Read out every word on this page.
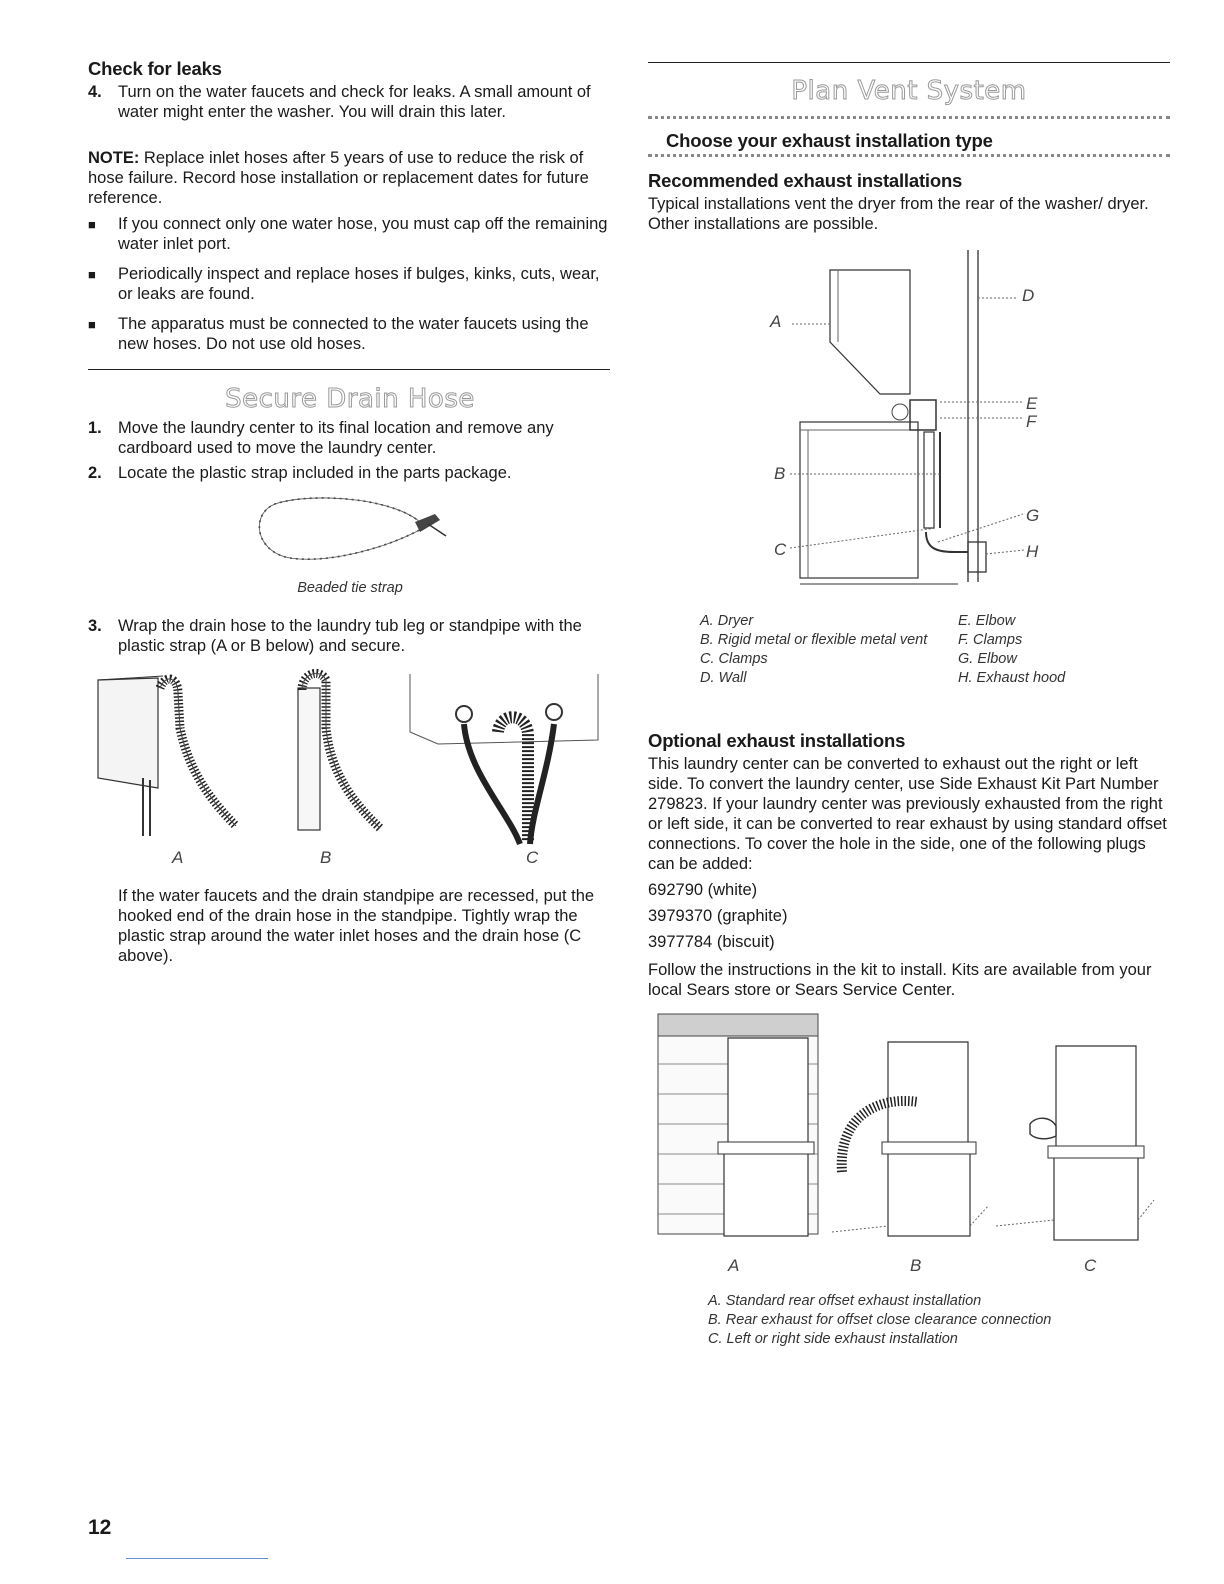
Check for leaks
4. Turn on the water faucets and check for leaks. A small amount of water might enter the washer. You will drain this later.

NOTE: Replace inlet hoses after 5 years of use to reduce the risk of hose failure. Record hose installation or replacement dates for future reference.

■	If you connect only one water hose, you must cap off the remaining water inlet port.
■	Periodically inspect and replace hoses if bulges, kinks, cuts, wear, or leaks are found.
■	The apparatus must be connected to the water faucets using the new hoses. Do not use old hoses.
Secure Drain Hose
1. Move the laundry center to its final location and remove any cardboard used to move the laundry center.
2. Locate the plastic strap included in the parts package.
Beaded tie strap
3. Wrap the drain hose to the laundry tub leg or standpipe with the plastic strap (A or B below) and secure.
A	B	C

If the water faucets and the drain standpipe are recessed, put the hooked end of the drain hose in the standpipe. Tightly wrap the plastic strap around the water inlet hoses and the drain hose (C above).

12
Plan Vent System
Choose your exhaust installation type
Recommended exhaust installations

Typical installations vent the dryer from the rear of the washer/ dryer. Other installations are possible.

A
B
C
D
E
F
G
H
A. Dryer
B. Rigid metal or flexible metal vent
C. Clamps
D. Wall
E. Elbow
F. Clamps
G. Elbow
H. Exhaust hood
Optional exhaust installations

This laundry center can be converted to exhaust out the right or left side. To convert the laundry center, use Side Exhaust Kit Part Number 279823. If your laundry center was previously exhausted from the right or left side, it can be converted to rear exhaust by using standard offset connections. To cover the hole in the side, one of the following plugs can be added:

692790 (white)
3979370 (graphite)
3977784 (biscuit)

Follow the instructions in the kit to install. Kits are available from your local Sears store or Sears Service Center.

A	B	C
A. Standard rear offset exhaust installation
B. Rear exhaust for offset close clearance connection
C. Left or right side exhaust installation
